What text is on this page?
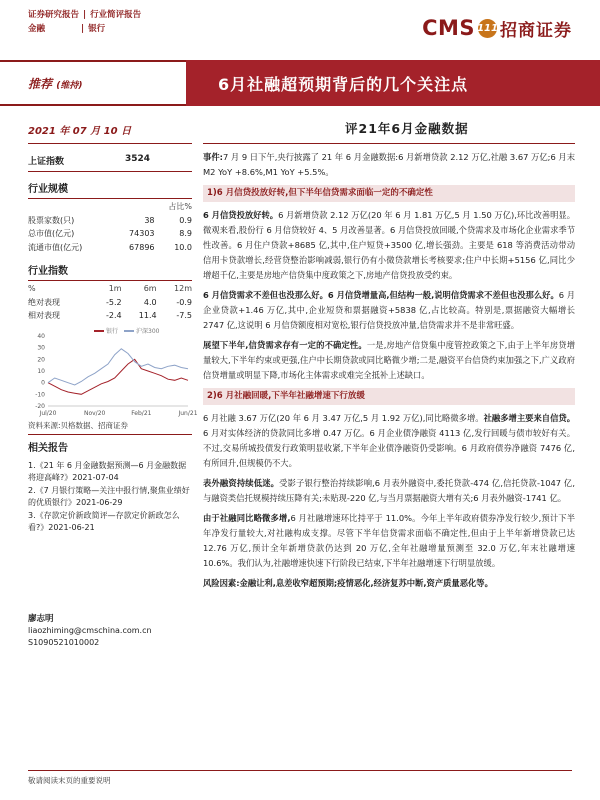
证券研究报告 | 行业简评报告
金融	| 银行	CMS 111 招商证券
推荐 (维持)	6月社融超预期背后的几个关注点
2021 年 07 月 10 日	评21年6月金融数据
上证指数	3524
行业规模
		占比%
股票家数(只)	38	0.9
总市值(亿元)	74303	8.9
流通市值(亿元)	67896	10.0
行业指数
%	1m	6m	12m
绝对表现	-5.2	4.0	-0.9
相对表现	-2.4	11.4	-7.5
银行	沪深300
40
30
20
10
0
-10
-20
Jul/20	Nov/20	Feb/21	Jun/21
资料来源:贝格数据、招商证券
相关报告

1.《21 年 6 月金融数据预测—6 月金融数据将迎高峰?》2021-07-04

2.《7 月银行策略—关注中报行情,聚焦业绩好的优质银行》2021-06-29

3.《存款定价新政简评—存款定价新政怎么看?》2021-06-21

廖志明
liaozhiming@cmschina.com.cn
S1090521010002

事件:7 月 9 日下午,央行披露了 21 年 6 月金融数据:6 月新增贷款 2.12 万亿,社融 3.67 万亿;6 月末 M2 YoY +8.6%,M1 YoY +5.5%。

1)6 月信贷投放好转,但下半年信贷需求面临一定的不确定性

6 月信贷投放好转。6 月新增贷款 2.12 万亿(20 年 6 月 1.81 万亿,5 月 1.50 万亿),环比改善明显。微观来看,股份行 6 月信贷较好 4、5 月改善显著。6 月信贷投放回暖,个贷需求及市场化企业需求季节性改善。6 月住户贷款+8685 亿,其中,住户短贷+3500 亿,增长强劲。主要是 618 等消费活动带动信用卡贷款增长,经营贷整治影响减弱,银行仍有小微贷款增长考核要求;住户中长期+5156 亿,同比少增超千亿,主要是房地产信贷集中度政策之下,房地产信贷投放受约束。

6 月信贷需求不差但也没那么好。6 月信贷增量高,但结构一般,说明信贷需求不差但也没那么好。6 月企业贷款+1.46 万亿,其中,企业短贷和票据融资+5838 亿,占比较高。特别是,票据融资大幅增长 2747 亿,这说明 6 月信贷额度相对宽松,银行信贷投放冲量,信贷需求并不是非常旺盛。

展望下半年,信贷需求存有一定的不确定性。一是,房地产信贷集中度管控政策之下,由于上半年房贷增量较大,下半年约束或更强,住户中长期贷款或同比略微少增;二是,融资平台信贷约束加强之下,广义政府信贷增量或明显下降,市场化主体需求或难完全抵补上述缺口。

2)6 月社融回暖,下半年社融增速下行放缓

6 月社融 3.67 万亿(20 年 6 月 3.47 万亿,5 月 1.92 万亿),同比略微多增。社融多增主要来自信贷。6 月对实体经济的贷款同比多增 0.47 万亿。6 月企业债净融资 4113 亿,发行回暖与债市较好有关。不过,交易所城投债发行政策明显收紧,下半年企业债净融资仍受影响。6 月政府债券净融资 7476 亿,有所回升,但规模仍不大。

表外融资持续低迷。受影子银行整治持续影响,6 月表外融资中,委托贷款-474 亿,信托贷款-1047 亿,与融资类信托规模持续压降有关;未贴现-220 亿,与当月票据融资大增有关;6 月表外融资-1741 亿。

由于社融同比略微多增,6 月社融增速环比持平于 11.0%。今年上半年政府债券净发行较少,预计下半年净发行量较大,对社融构成支撑。尽管下半年信贷需求面临不确定性,但由于上半年新增贷款已达 12.76 万亿,预计全年新增贷款仍达到 20 万亿,全年社融增量预测至 32.0 万亿,年末社融增速 10.6%。我们认为,社融增速快速下行阶段已结束,下半年社融增速下行明显放缓。

风险因素:金融让利,息差收窄超预期;疫情恶化,经济复苏中断,资产质量恶化等。

敬请阅读末页的重要说明
